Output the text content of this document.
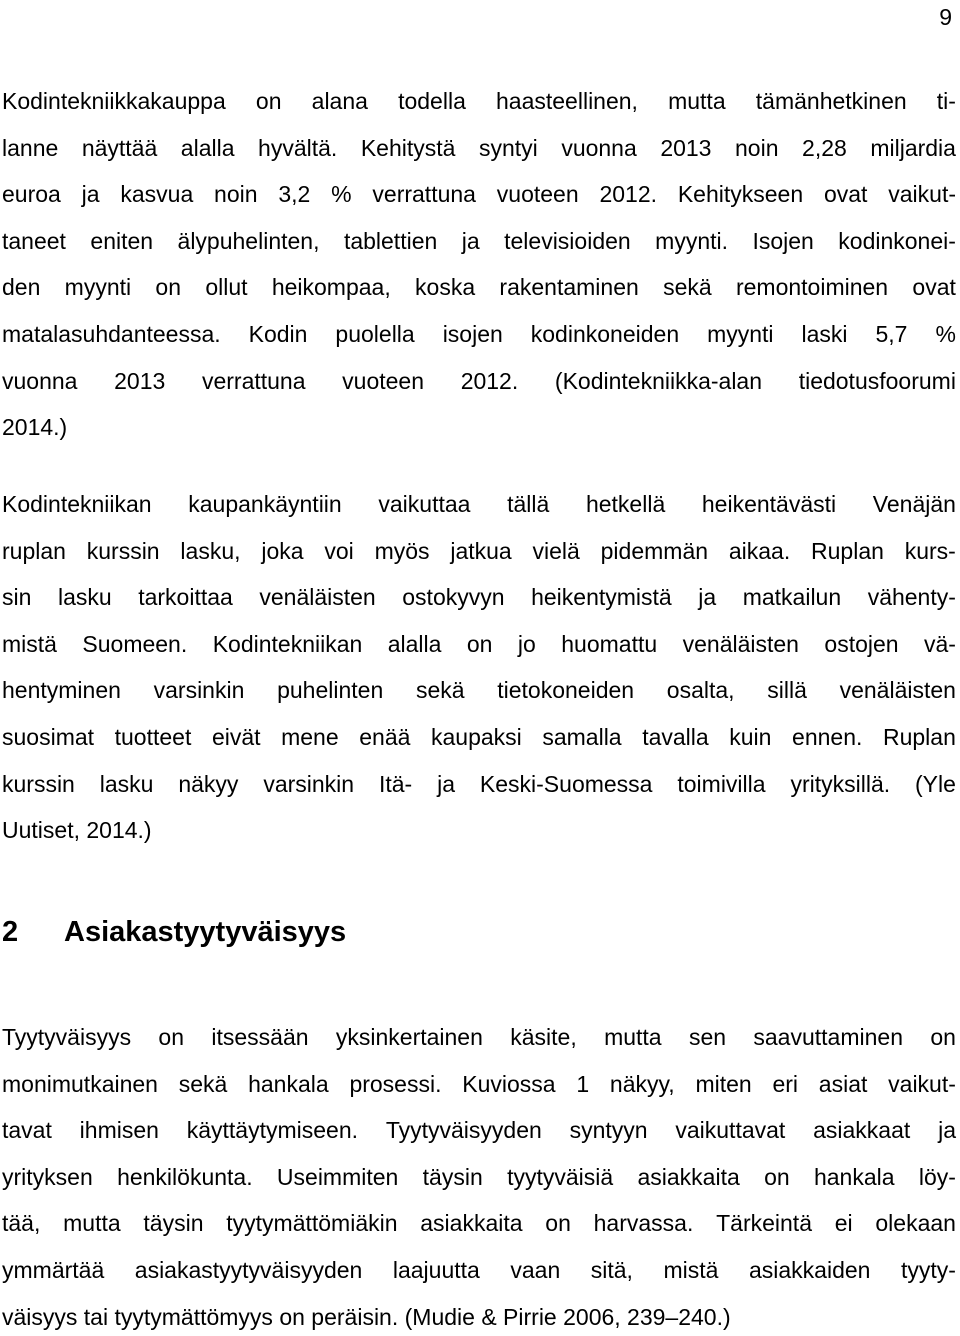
9

Kodintekniikkakauppa on alana todella haasteellinen, mutta tämänhetkinen ti-

lanne näyttää alalla hyvältä. Kehitystä syntyi vuonna 2013 noin 2,28 miljardia

euroa ja kasvua noin 3,2 % verrattuna vuoteen 2012. Kehitykseen ovat vaikut-

taneet eniten älypuhelinten, tablettien ja televisioiden myynti. Isojen kodinkonei-

den myynti on ollut heikompaa, koska rakentaminen sekä remontoiminen ovat

matalasuhdanteessa. Kodin puolella isojen kodinkoneiden myynti laski 5,7 %

vuonna 2013 verrattuna vuoteen 2012. (Kodintekniikka-alan tiedotusfoorumi

2014.)

Kodintekniikan kaupankäyntiin vaikuttaa tällä hetkellä heikentävästi Venäjän

ruplan kurssin lasku, joka voi myös jatkua vielä pidemmän aikaa. Ruplan kurs-

sin lasku tarkoittaa venäläisten ostokyvyn heikentymistä ja matkailun vähenty-

mistä Suomeen. Kodintekniikan alalla on jo huomattu venäläisten ostojen vä-

hentyminen varsinkin puhelinten sekä tietokoneiden osalta, sillä venäläisten

suosimat tuotteet eivät mene enää kaupaksi samalla tavalla kuin ennen. Ruplan

kurssin lasku näkyy varsinkin Itä- ja Keski-Suomessa toimivilla yrityksillä. (Yle

Uutiset, 2014.)

2 Asiakastyytyväisyys

Tyytyväisyys on itsessään yksinkertainen käsite, mutta sen saavuttaminen on

monimutkainen sekä hankala prosessi. Kuviossa 1 näkyy, miten eri asiat vaikut-

tavat ihmisen käyttäytymiseen. Tyytyväisyyden syntyyn vaikuttavat asiakkaat ja

yrityksen henkilökunta. Useimmiten täysin tyytyväisiä asiakkaita on hankala löy-

tää, mutta täysin tyytymättömiäkin asiakkaita on harvassa. Tärkeintä ei olekaan

ymmärtää asiakastyytyväisyyden laajuutta vaan sitä, mistä asiakkaiden tyyty-

väisyys tai tyytymättömyys on peräisin. (Mudie & Pirrie 2006, 239–240.)
